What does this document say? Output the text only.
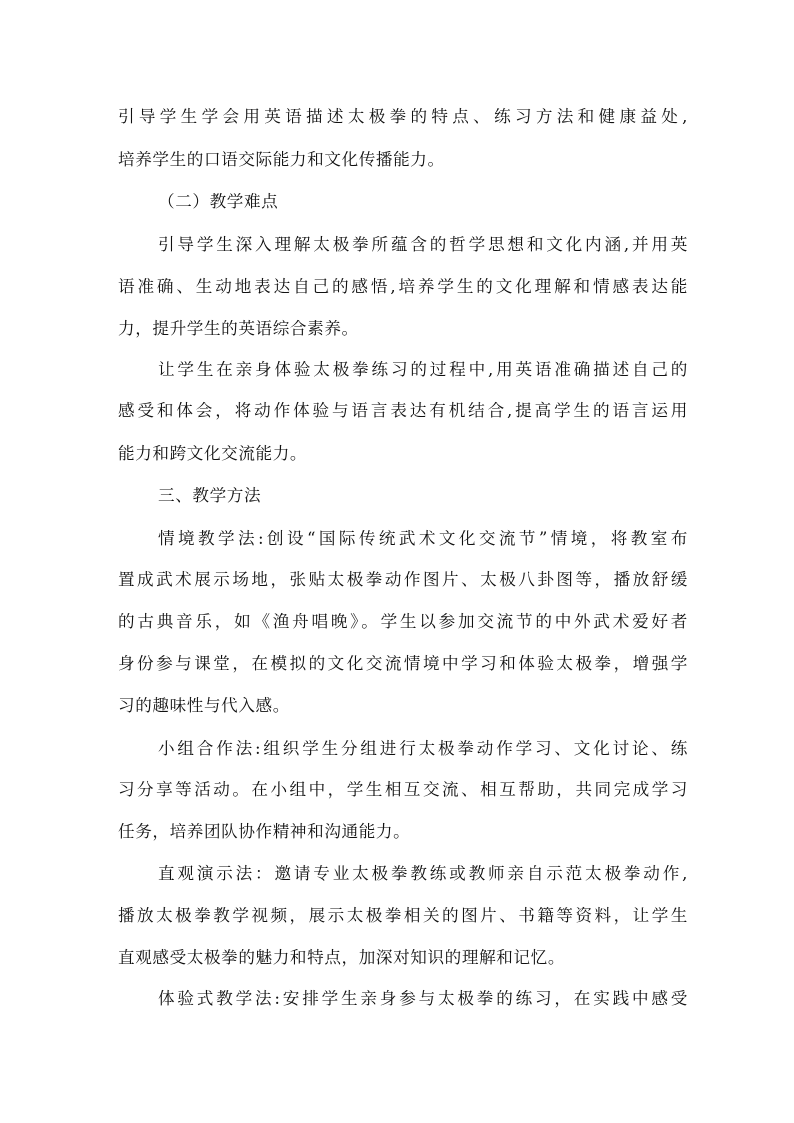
引导学生学会用英语描述太极拳的特点、练习方法和健康益处,
培养学生的口语交际能力和文化传播能力。
（二）教学难点
引导学生深入理解太极拳所蕴含的哲学思想和文化内涵,并用英
语准确、生动地表达自己的感悟,培养学生的文化理解和情感表达能
力，提升学生的英语综合素养。
让学生在亲身体验太极拳练习的过程中,用英语准确描述自己的
感受和体会，将动作体验与语言表达有机结合,提高学生的语言运用
能力和跨文化交流能力。
三、教学方法
情境教学法:创设“国际传统武术文化交流节”情境，将教室布
置成武术展示场地，张贴太极拳动作图片、太极八卦图等，播放舒缓
的古典音乐，如《渔舟唱晚》。学生以参加交流节的中外武术爱好者
身份参与课堂，在模拟的文化交流情境中学习和体验太极拳，增强学
习的趣味性与代入感。
小组合作法:组织学生分组进行太极拳动作学习、文化讨论、练
习分享等活动。在小组中，学生相互交流、相互帮助，共同完成学习
任务，培养团队协作精神和沟通能力。
直观演示法：邀请专业太极拳教练或教师亲自示范太极拳动作,
播放太极拳教学视频，展示太极拳相关的图片、书籍等资料，让学生
直观感受太极拳的魅力和特点，加深对知识的理解和记忆。
体验式教学法:安排学生亲身参与太极拳的练习，在实践中感受
